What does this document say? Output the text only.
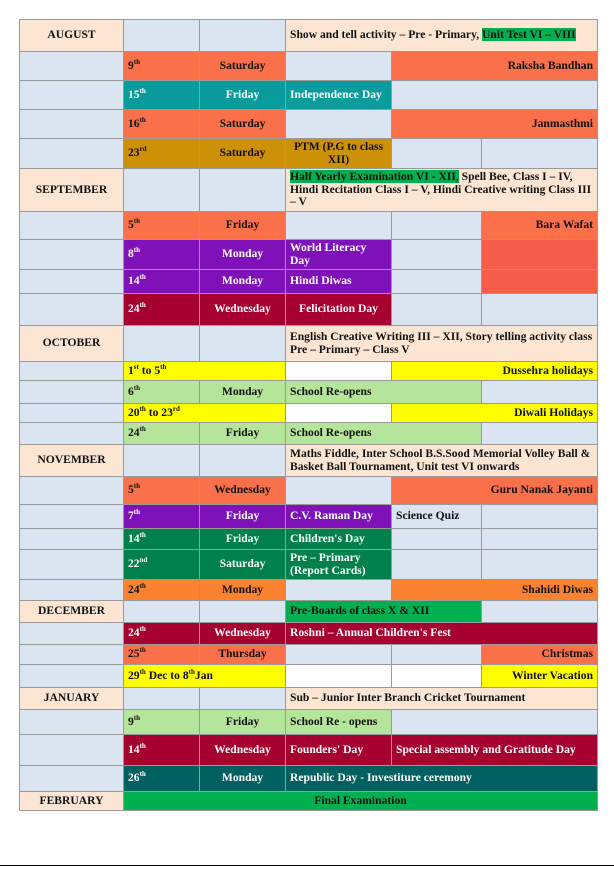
AUGUST			Show and tell activity – Pre - Primary, Unit Test VI – VIII		
	9th	Saturday		Raksha Bandhan	
	15th	Friday	Independence Day		
	16th	Saturday		Janmasthmi	
	23rd	Saturday	PTM (P.G to class XII)		
SEPTEMBER			Half Yearly Examination VI - XII, Spell Bee, Class I – IV, Hindi Recitation Class I – V, Hindi Creative writing Class III – V		
	5th	Friday			Bara Wafat
	8th	Monday	World Literacy Day		
	14th	Monday	Hindi Diwas		
	24th	Wednesday	Felicitation Day		
OCTOBER			English Creative Writing III – XII, Story telling activity class Pre – Primary – Class V		
	1st to 5th			Dussehra holidays	
	6th	Monday	School Re-opens		
	20th to 23rd			Diwali Holidays	
	24th	Friday	School Re-opens		
NOVEMBER			Maths Fiddle, Inter School B.S.Sood Memorial Volley Ball & Basket Ball Tournament, Unit test VI onwards		
	5th	Wednesday		Guru Nanak Jayanti	
	7th	Friday	C.V. Raman Day	Science Quiz	
	14th	Friday	Children's Day		
	22nd	Saturday	Pre – Primary (Report Cards)		
	24th	Monday		Shahidi Diwas	
DECEMBER			Pre-Boards of class X & XII		
	24th	Wednesday	Roshni – Annual Children's Fest		
	25th	Thursday			Christmas
	29th Dec to 8thJan				Winter Vacation
JANUARY			Sub – Junior Inter Branch Cricket Tournament		
	9th	Friday	School Re - opens		
	14th	Wednesday	Founders' Day	Special assembly and Gratitude Day	
	26th	Monday	Republic Day - Investiture ceremony		
FEBRUARY	Final Examination				
